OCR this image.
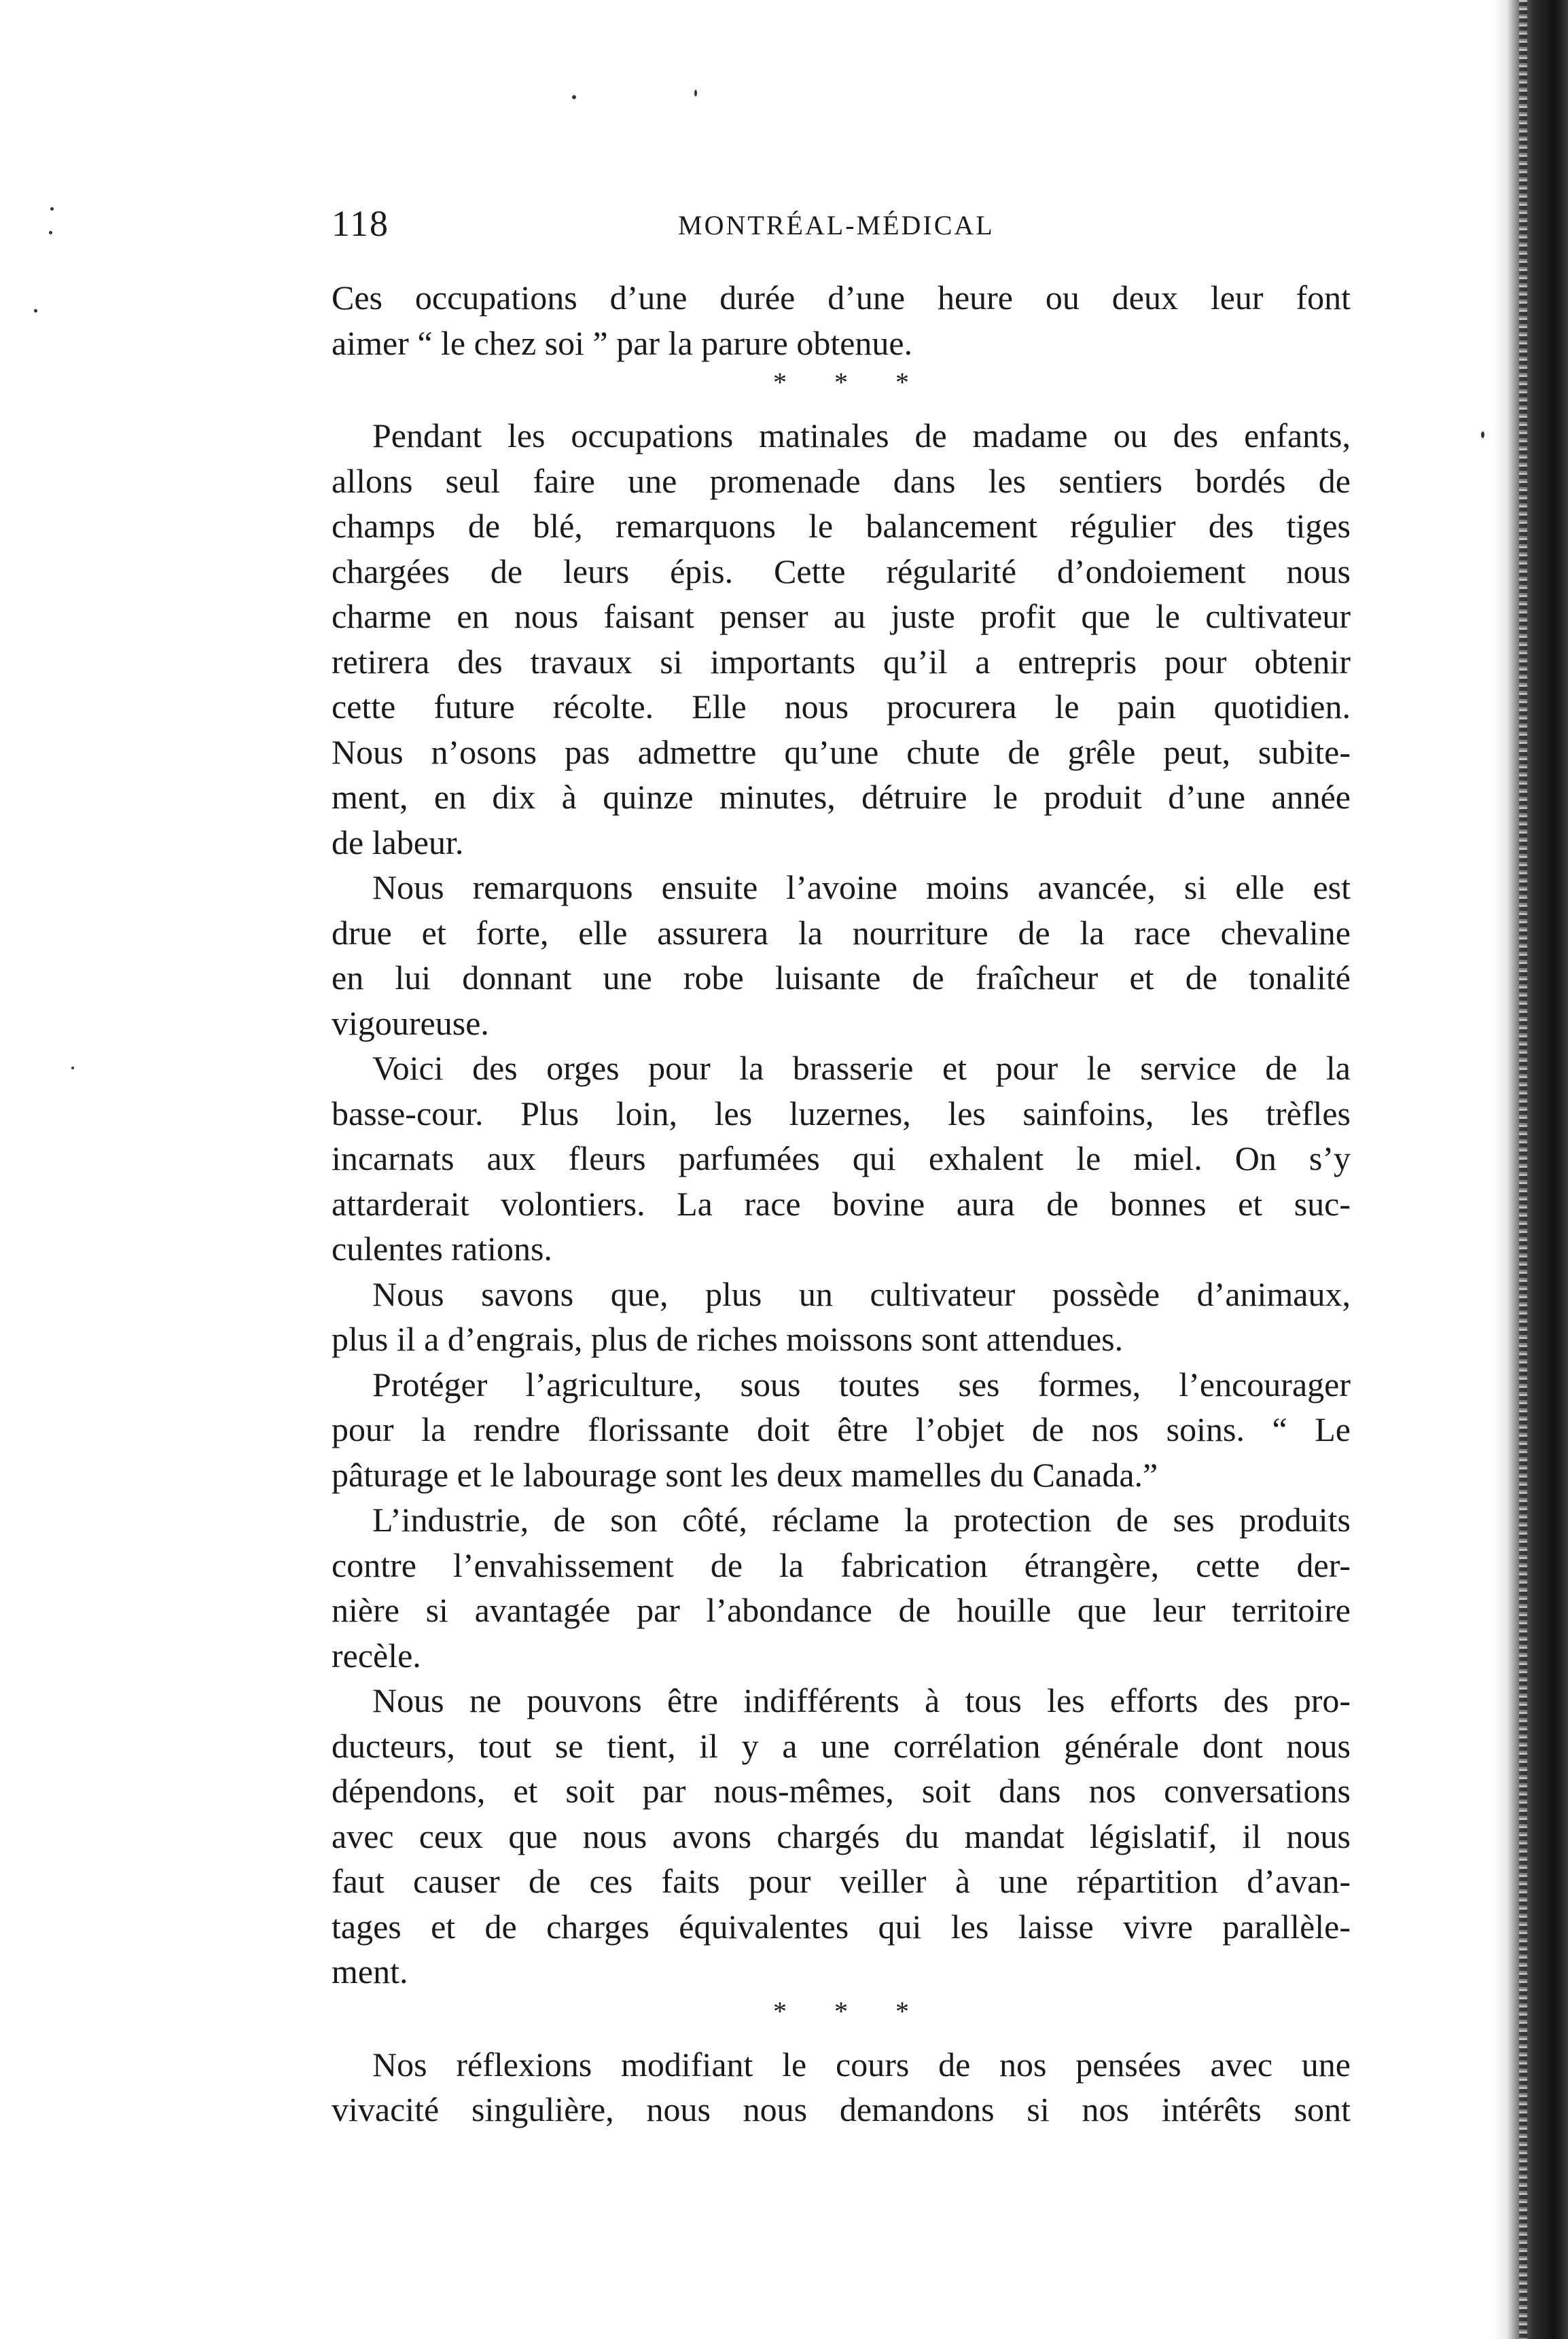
118	MONTRÉAL-MÉDICAL
Ces occupations d’une durée d’une heure ou deux leur font
aimer “ le chez soi ” par la parure obtenue.
* * *
Pendant les occupations matinales de madame ou des enfants,
allons seul faire une promenade dans les sentiers bordés de
champs de blé, remarquons le balancement régulier des tiges
chargées de leurs épis. Cette régularité d’ondoiement nous
charme en nous faisant penser au juste profit que le cultivateur
retirera des travaux si importants qu’il a entrepris pour obtenir
cette future récolte. Elle nous procurera le pain quotidien.
Nous n’osons pas admettre qu’une chute de grêle peut, subite-
ment, en dix à quinze minutes, détruire le produit d’une année
de labeur.
Nous remarquons ensuite l’avoine moins avancée, si elle est
drue et forte, elle assurera la nourriture de la race chevaline
en lui donnant une robe luisante de fraîcheur et de tonalité
vigoureuse.
Voici des orges pour la brasserie et pour le service de la
basse-cour. Plus loin, les luzernes, les sainfoins, les trèfles
incarnats aux fleurs parfumées qui exhalent le miel. On s’y
attarderait volontiers. La race bovine aura de bonnes et suc-
culentes rations.
Nous savons que, plus un cultivateur possède d’animaux,
plus il a d’engrais, plus de riches moissons sont attendues.
Protéger l’agriculture, sous toutes ses formes, l’encourager
pour la rendre florissante doit être l’objet de nos soins. “ Le
pâturage et le labourage sont les deux mamelles du Canada.”
L’industrie, de son côté, réclame la protection de ses produits
contre l’envahissement de la fabrication étrangère, cette der-
nière si avantagée par l’abondance de houille que leur territoire
recèle.
Nous ne pouvons être indifférents à tous les efforts des pro-
ducteurs, tout se tient, il y a une corrélation générale dont nous
dépendons, et soit par nous-mêmes, soit dans nos conversations
avec ceux que nous avons chargés du mandat législatif, il nous
faut causer de ces faits pour veiller à une répartition d’avan-
tages et de charges équivalentes qui les laisse vivre parallèle-
ment.
* * *
Nos réflexions modifiant le cours de nos pensées avec une
vivacité singulière, nous nous demandons si nos intérêts sont
